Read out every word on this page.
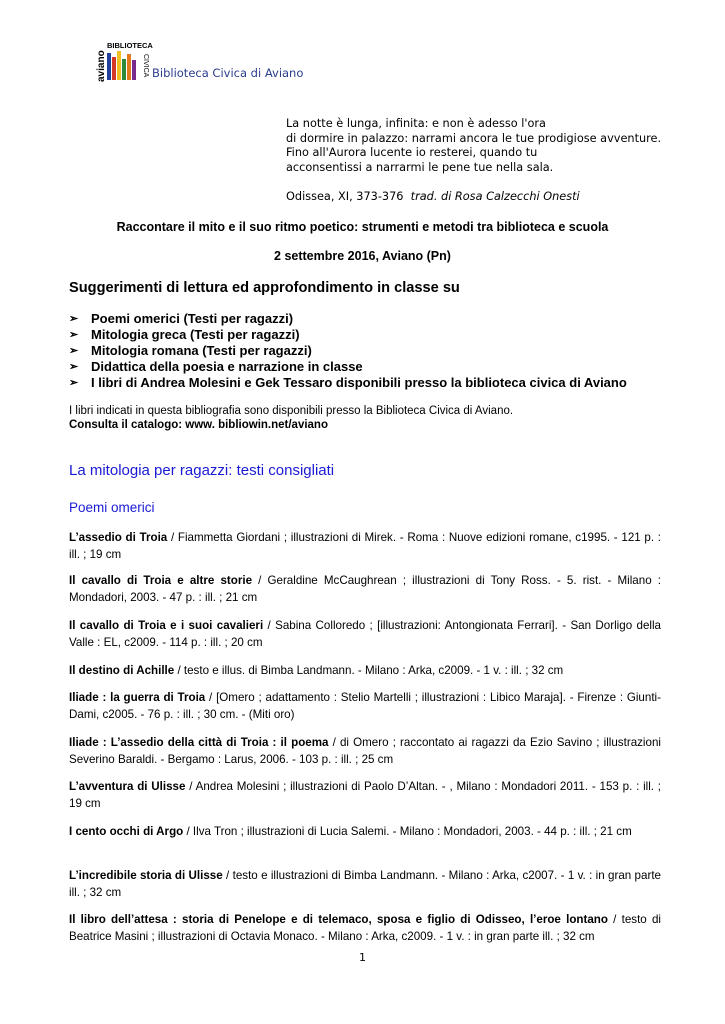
aviano
BIBLIOTECA
CIVICA Biblioteca Civica di Aviano
La notte è lunga, infinita: e non è adesso l'ora
di dormire in palazzo: narrami ancora le tue prodigiose avventure.
Fino all'Aurora lucente io resterei, quando tu
acconsentissi a narrarmi le pene tue nella sala.
Odissea, XI, 373-376 trad. di Rosa Calzecchi Onesti
Raccontare il mito e il suo ritmo poetico: strumenti e metodi tra biblioteca e scuola
2 settembre 2016, Aviano (Pn)
Suggerimenti di lettura ed approfondimento in classe su
➢ Poemi omerici (Testi per ragazzi)
➢ Mitologia greca (Testi per ragazzi)
➢ Mitologia romana (Testi per ragazzi)
➢ Didattica della poesia e narrazione in classe
➢ I libri di Andrea Molesini e Gek Tessaro disponibili presso la biblioteca civica di Aviano
I libri indicati in questa bibliografia sono disponibili presso la Biblioteca Civica di Aviano.
Consulta il catalogo: www. bibliowin.net/aviano
La mitologia per ragazzi: testi consigliati
Poemi omerici
L’assedio di Troia / Fiammetta Giordani ; illustrazioni di Mirek. - Roma : Nuove edizioni romane, c1995. - 121 p. : ill. ; 19 cm
Il cavallo di Troia e altre storie / Geraldine McCaughrean ; illustrazioni di Tony Ross. - 5. rist. - Milano : Mondadori, 2003. - 47 p. : ill. ; 21 cm
Il cavallo di Troia e i suoi cavalieri / Sabina Colloredo ; [illustrazioni: Antongionata Ferrari]. - San Dorligo della Valle : EL, c2009. - 114 p. : ill. ; 20 cm
Il destino di Achille / testo e illus. di Bimba Landmann. - Milano : Arka, c2009. - 1 v. : ill. ; 32 cm
Iliade : la guerra di Troia / [Omero ; adattamento : Stelio Martelli ; illustrazioni : Libico Maraja]. - Firenze : Giunti-Dami, c2005. - 76 p. : ill. ; 30 cm. - (Miti oro)
Iliade : L’assedio della città di Troia : il poema / di Omero ; raccontato ai ragazzi da Ezio Savino ; illustrazioni Severino Baraldi. - Bergamo : Larus, 2006. - 103 p. : ill. ; 25 cm
L’avventura di Ulisse / Andrea Molesini ; illustrazioni di Paolo D’Altan. - , Milano : Mondadori 2011. - 153 p. : ill. ; 19 cm
I cento occhi di Argo / Ilva Tron ; illustrazioni di Lucia Salemi. - Milano : Mondadori, 2003. - 44 p. : ill. ; 21 cm
L’incredibile storia di Ulisse / testo e illustrazioni di Bimba Landmann. - Milano : Arka, c2007. - 1 v. : in gran parte ill. ; 32 cm
Il libro dell’attesa : storia di Penelope e di telemaco, sposa e figlio di Odisseo, l’eroe lontano / testo di Beatrice Masini ; illustrazioni di Octavia Monaco. - Milano : Arka, c2009. - 1 v. : in gran parte ill. ; 32 cm
1
